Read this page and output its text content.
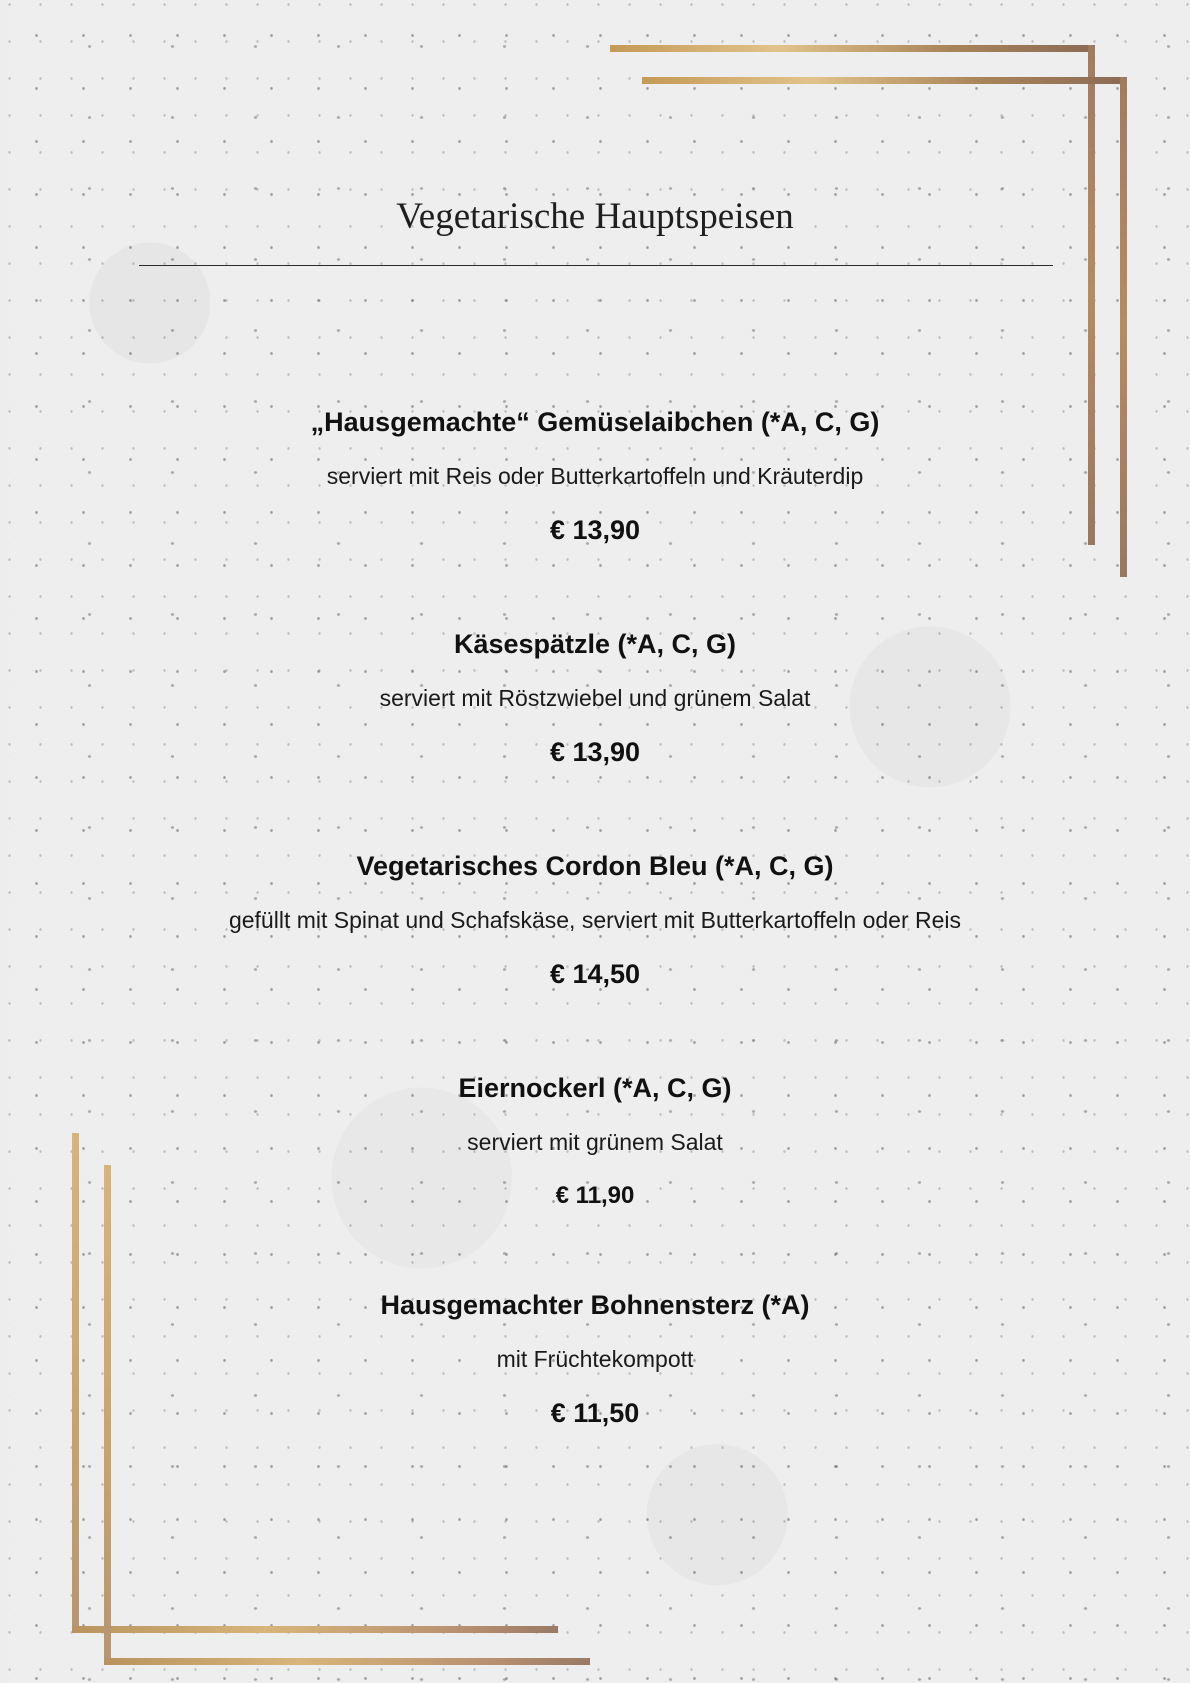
Vegetarische Hauptspeisen

„Hausgemachte“ Gemüselaibchen (*A, C, G)

serviert mit Reis oder Butterkartoffeln und Kräuterdip

€ 13,90

Käsespätzle (*A, C, G)

serviert mit Röstzwiebel und grünem Salat

€ 13,90

Vegetarisches Cordon Bleu (*A, C, G)

gefüllt mit Spinat und Schafskäse, serviert mit Butterkartoffeln oder Reis

€ 14,50

Eiernockerl (*A, C, G)

serviert mit grünem Salat

€ 11,90

Hausgemachter Bohnensterz (*A)

mit Früchtekompott

€ 11,50
